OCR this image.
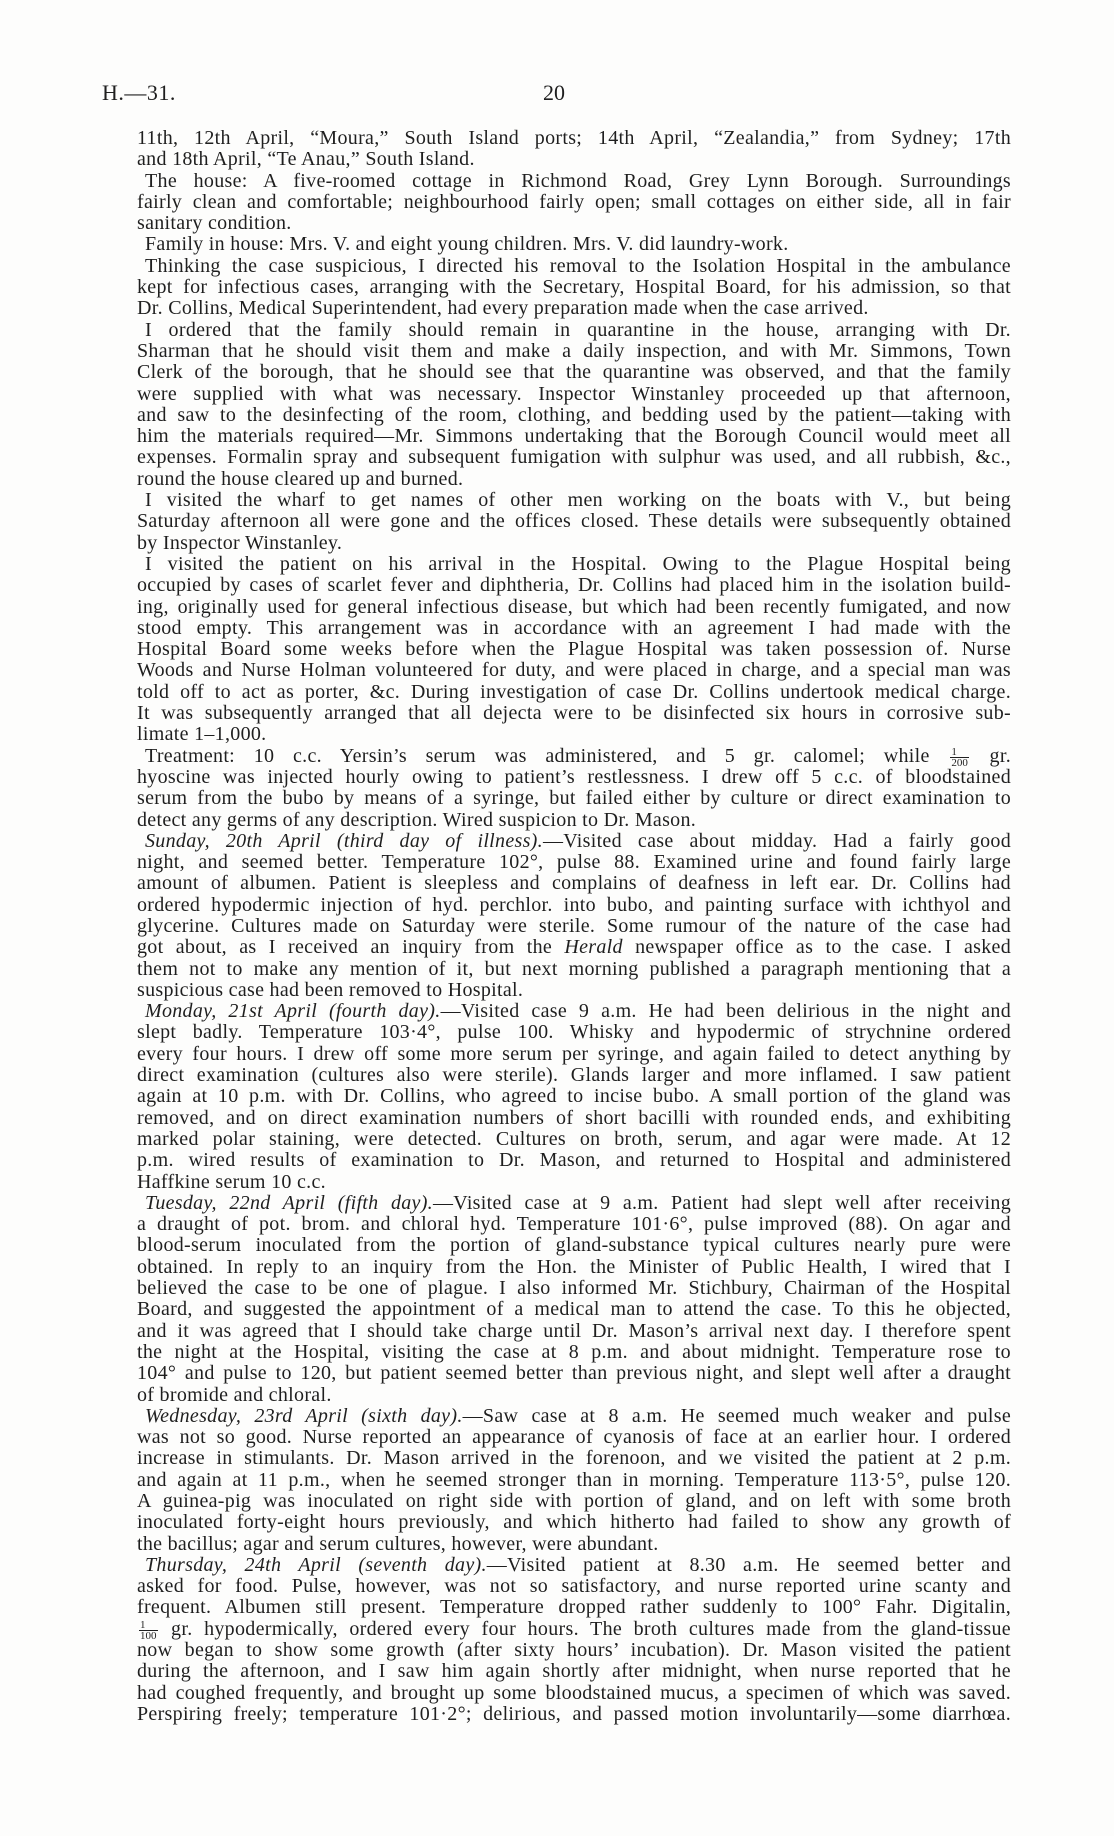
H.—31.	20
11th, 12th April, “Moura,” South Island ports; 14th April, “Zealandia,” from Sydney; 17th
and 18th April, “Te Anau,” South Island.
The house: A five-roomed cottage in Richmond Road, Grey Lynn Borough. Surroundings
fairly clean and comfortable; neighbourhood fairly open; small cottages on either side, all in fair
sanitary condition.
Family in house: Mrs. V. and eight young children. Mrs. V. did laundry-work.
Thinking the case suspicious, I directed his removal to the Isolation Hospital in the ambulance
kept for infectious cases, arranging with the Secretary, Hospital Board, for his admission, so that
Dr. Collins, Medical Superintendent, had every preparation made when the case arrived.
I ordered that the family should remain in quarantine in the house, arranging with Dr.
Sharman that he should visit them and make a daily inspection, and with Mr. Simmons, Town
Clerk of the borough, that he should see that the quarantine was observed, and that the family
were supplied with what was necessary. Inspector Winstanley proceeded up that afternoon,
and saw to the desinfecting of the room, clothing, and bedding used by the patient—taking with
him the materials required—Mr. Simmons undertaking that the Borough Council would meet all
expenses. Formalin spray and subsequent fumigation with sulphur was used, and all rubbish, &c.,
round the house cleared up and burned.
I visited the wharf to get names of other men working on the boats with V., but being
Saturday afternoon all were gone and the offices closed. These details were subsequently obtained
by Inspector Winstanley.
I visited the patient on his arrival in the Hospital. Owing to the Plague Hospital being
occupied by cases of scarlet fever and diphtheria, Dr. Collins had placed him in the isolation build-
ing, originally used for general infectious disease, but which had been recently fumigated, and now
stood empty. This arrangement was in accordance with an agreement I had made with the
Hospital Board some weeks before when the Plague Hospital was taken possession of. Nurse
Woods and Nurse Holman volunteered for duty, and were placed in charge, and a special man was
told off to act as porter, &c. During investigation of case Dr. Collins undertook medical charge.
It was subsequently arranged that all dejecta were to be disinfected six hours in corrosive sub-
limate 1–1,000.
Treatment: 10 c.c. Yersin’s serum was administered, and 5 gr. calomel; while $\frac{1}{200}$ gr.
hyoscine was injected hourly owing to patient’s restlessness. I drew off 5 c.c. of bloodstained
serum from the bubo by means of a syringe, but failed either by culture or direct examination to
detect any germs of any description. Wired suspicion to Dr. Mason.
Sunday, 20th April (third day of illness).—Visited case about midday. Had a fairly good
night, and seemed better. Temperature 102°, pulse 88. Examined urine and found fairly large
amount of albumen. Patient is sleepless and complains of deafness in left ear. Dr. Collins had
ordered hypodermic injection of hyd. perchlor. into bubo, and painting surface with ichthyol and
glycerine. Cultures made on Saturday were sterile. Some rumour of the nature of the case had
got about, as I received an inquiry from the Herald newspaper office as to the case. I asked
them not to make any mention of it, but next morning published a paragraph mentioning that a
suspicious case had been removed to Hospital.
Monday, 21st April (fourth day).—Visited case 9 a.m. He had been delirious in the night and
slept badly. Temperature 103·4°, pulse 100. Whisky and hypodermic of strychnine ordered
every four hours. I drew off some more serum per syringe, and again failed to detect anything by
direct examination (cultures also were sterile). Glands larger and more inflamed. I saw patient
again at 10 p.m. with Dr. Collins, who agreed to incise bubo. A small portion of the gland was
removed, and on direct examination numbers of short bacilli with rounded ends, and exhibiting
marked polar staining, were detected. Cultures on broth, serum, and agar were made. At 12
p.m. wired results of examination to Dr. Mason, and returned to Hospital and administered
Haffkine serum 10 c.c.
Tuesday, 22nd April (fifth day).—Visited case at 9 a.m. Patient had slept well after receiving
a draught of pot. brom. and chloral hyd. Temperature 101·6°, pulse improved (88). On agar and
blood-serum inoculated from the portion of gland-substance typical cultures nearly pure were
obtained. In reply to an inquiry from the Hon. the Minister of Public Health, I wired that I
believed the case to be one of plague. I also informed Mr. Stichbury, Chairman of the Hospital
Board, and suggested the appointment of a medical man to attend the case. To this he objected,
and it was agreed that I should take charge until Dr. Mason’s arrival next day. I therefore spent
the night at the Hospital, visiting the case at 8 p.m. and about midnight. Temperature rose to
104° and pulse to 120, but patient seemed better than previous night, and slept well after a draught
of bromide and chloral.
Wednesday, 23rd April (sixth day).—Saw case at 8 a.m. He seemed much weaker and pulse
was not so good. Nurse reported an appearance of cyanosis of face at an earlier hour. I ordered
increase in stimulants. Dr. Mason arrived in the forenoon, and we visited the patient at 2 p.m.
and again at 11 p.m., when he seemed stronger than in morning. Temperature 113·5°, pulse 120.
A guinea-pig was inoculated on right side with portion of gland, and on left with some broth
inoculated forty-eight hours previously, and which hitherto had failed to show any growth of
the bacillus; agar and serum cultures, however, were abundant.
Thursday, 24th April (seventh day).—Visited patient at 8.30 a.m. He seemed better and
asked for food. Pulse, however, was not so satisfactory, and nurse reported urine scanty and
frequent. Albumen still present. Temperature dropped rather suddenly to 100° Fahr. Digitalin,
$\frac{1}{100}$ gr. hypodermically, ordered every four hours. The broth cultures made from the gland-tissue
now began to show some growth (after sixty hours’ incubation). Dr. Mason visited the patient
during the afternoon, and I saw him again shortly after midnight, when nurse reported that he
had coughed frequently, and brought up some bloodstained mucus, a specimen of which was saved.
Perspiring freely; temperature 101·2°; delirious, and passed motion involuntarily—some diarrhœa.
